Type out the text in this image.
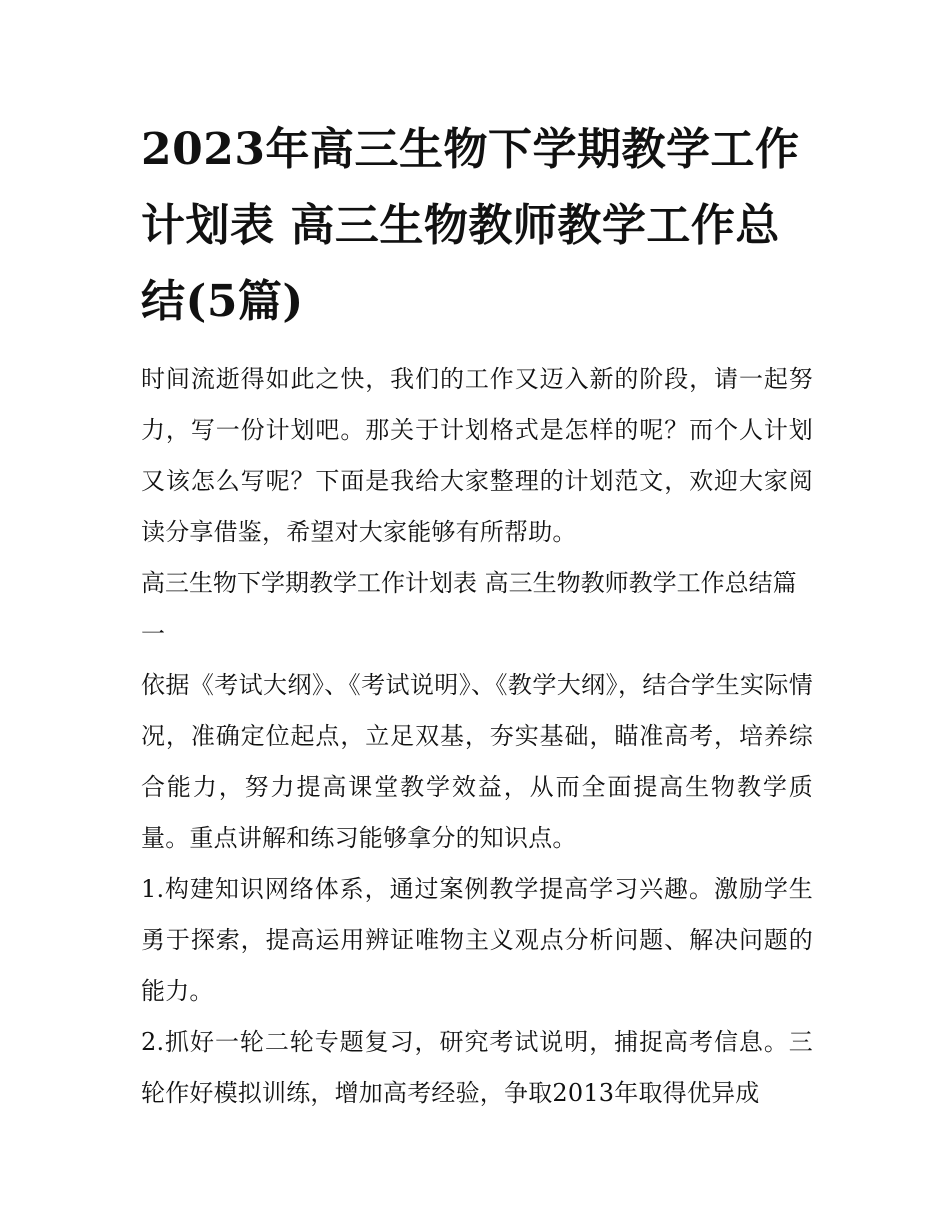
2023年高三生物下学期教学工作计划表 高三生物教师教学工作总结(5篇)

时间流逝得如此之快，我们的工作又迈入新的阶段，请一起努力，写一份计划吧。那关于计划格式是怎样的呢？而个人计划又该怎么写呢？下面是我给大家整理的计划范文，欢迎大家阅读分享借鉴，希望对大家能够有所帮助。

高三生物下学期教学工作计划表 高三生物教师教学工作总结篇一

依据《考试大纲》、《考试说明》、《教学大纲》，结合学生实际情况，准确定位起点，立足双基，夯实基础，瞄准高考，培养综合能力，努力提高课堂教学效益，从而全面提高生物教学质量。重点讲解和练习能够拿分的知识点。

1.构建知识网络体系，通过案例教学提高学习兴趣。激励学生勇于探索，提高运用辨证唯物主义观点分析问题、解决问题的能力。

2.抓好一轮二轮专题复习，研究考试说明，捕捉高考信息。三轮作好模拟训练，增加高考经验，争取2013年取得优异成
